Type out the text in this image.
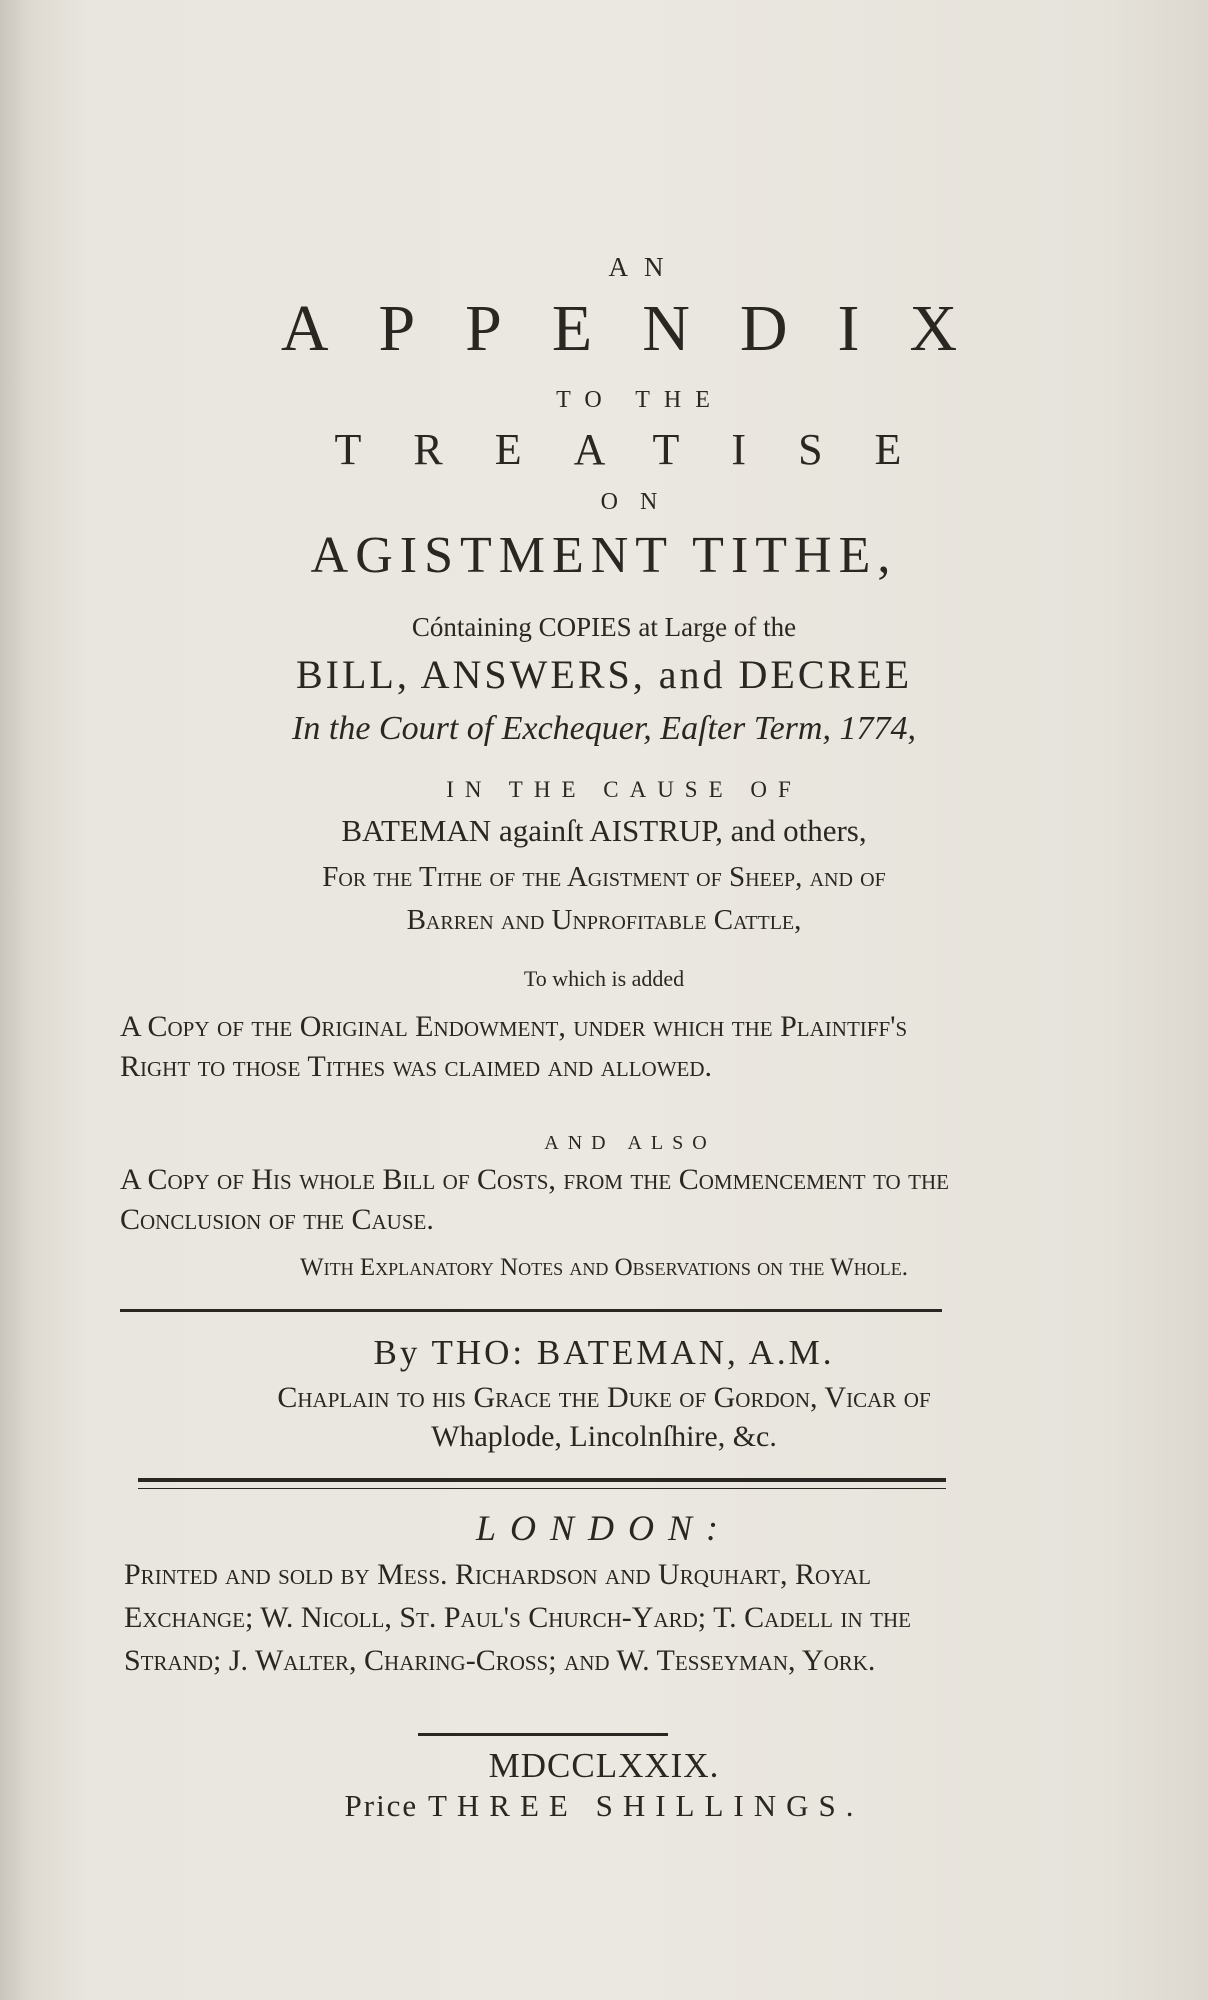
AN
APPENDIX
TO THE
TREATISE
ON
AGISTMENT TITHE,
Cóntaining COPIES at Large of the
BILL, ANSWERS, and DECREE
In the Court of Exchequer, Eaſter Term, 1774,
IN THE CAUSE OF
BATEMAN againſt AISTRUP, and others,
For the Tithe of the Agistment of Sheep, and of
Barren and Unprofitable Cattle,
To which is added
A Copy of the Original Endowment, under which the Plaintiff's Right to thoſe Tithes was claimed and allowed.
AND ALSO
A Copy of His whole Bill of Costs, from the Commencement to the Concluſion of the Cause.
With Explanatory Notes and Observations on the Whole.
By THO: BATEMAN, A.M.
Chaplain to his Grace the Duke of Gordon, Vicar of
Whaplode, Lincolnſhire, &c.
LONDON:
Printed and ſold by Meſſ. Richardson and Urquhart, Royal Exchange; W. Nicoll, St. Paul's Church-Yard; T. Cadell in the Strand; J. Walter, Charing-Croſs; and W. Tesseyman, York.
MDCCLXXIX.
Price THREE SHILLINGS.
